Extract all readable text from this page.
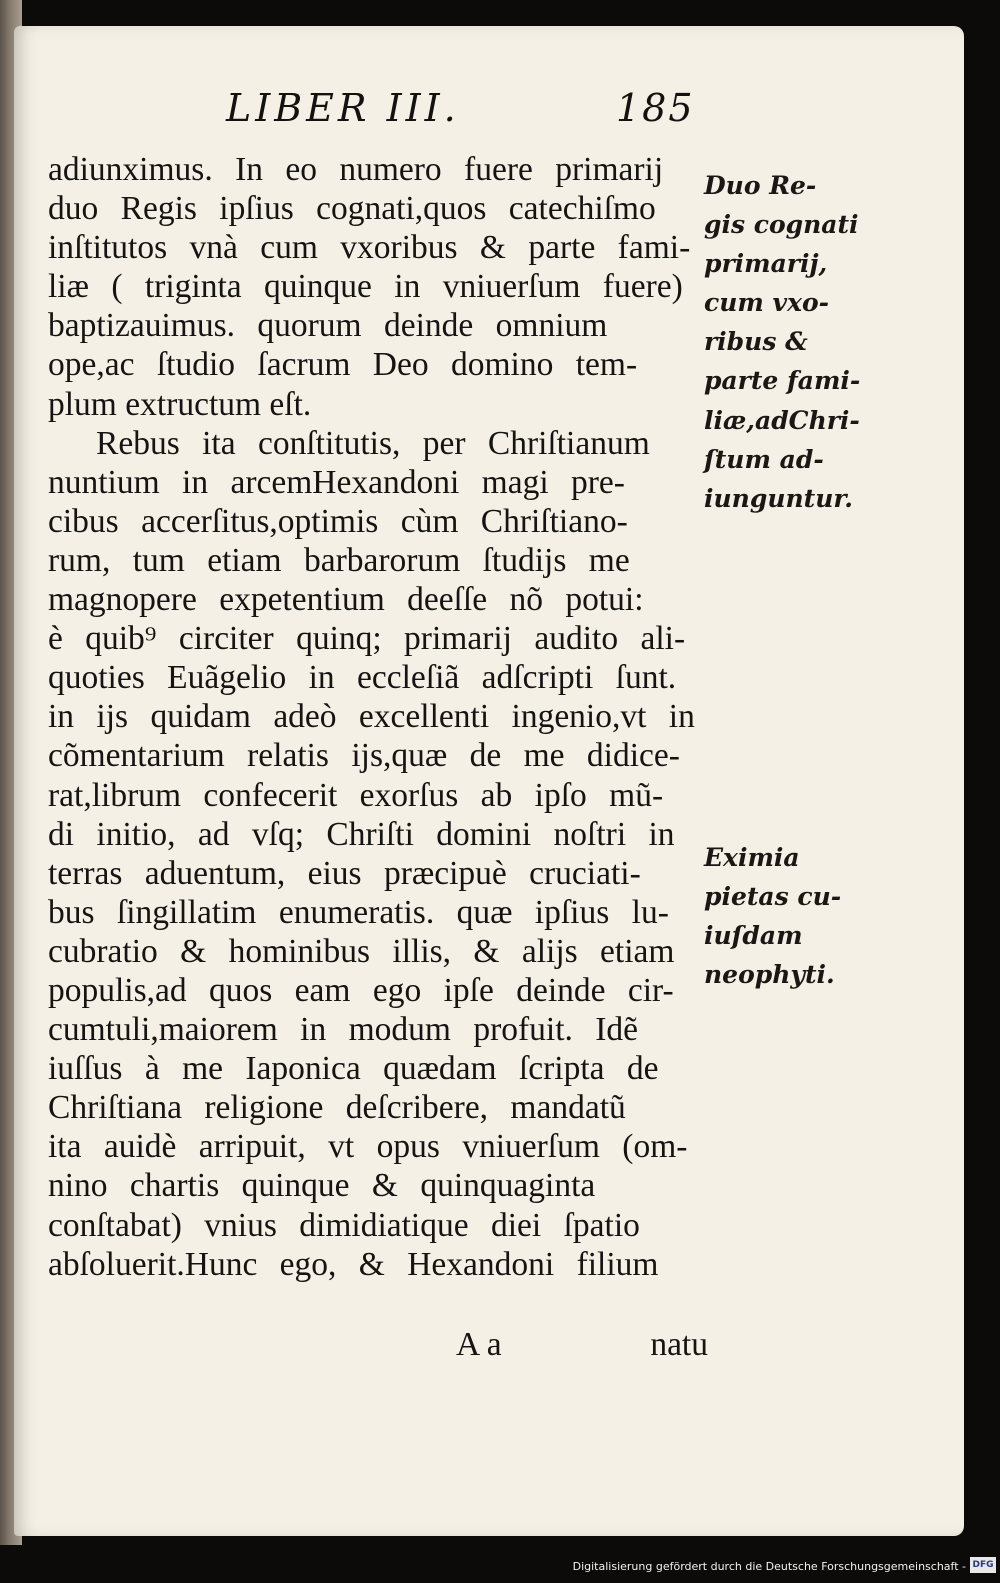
LIBER III.	185
adiunximus. In eo numero fuere primarij
duo Regis ipſius cognati,quos catechiſmo
inſtitutos vnà cum vxoribus & parte fami-
liæ ( triginta quinque in vniuerſum fuere)
baptizauimus. quorum deinde omnium
ope,ac ſtudio ſacrum Deo domino tem-
plum extructum eſt.
Rebus ita conſtitutis, per Chriſtianum
nuntium in arcemHexandoni magi pre-
cibus accerſitus,optimis cùm Chriſtiano-
rum, tum etiam barbarorum ſtudijs me
magnopere expetentium deeſſe nõ potui:
è quib⁹ circiter quinq; primarij audito ali-
quoties Euãgelio in eccleſiã adſcripti ſunt.
in ijs quidam adeò excellenti ingenio,vt in
cõmentarium relatis ijs,quæ de me didice-
rat,librum confecerit exorſus ab ipſo mũ-
di initio, ad vſq; Chriſti domini noſtri in
terras aduentum, eius præcipuè cruciati-
bus ſingillatim enumeratis. quæ ipſius lu-
cubratio & hominibus illis, & alijs etiam
populis,ad quos eam ego ipſe deinde cir-
cumtuli,maiorem in modum profuit. Idẽ
iuſſus à me Iaponica quædam ſcripta de
Chriſtiana religione deſcribere, mandatũ
ita auidè arripuit, vt opus vniuerſum (om-
nino chartis quinque & quinquaginta
conſtabat) vnius dimidiatique diei ſpatio
abſoluerit.Hunc ego, & Hexandoni filium
Duo Re-
gis cognati
primarij,
cum vxo-
ribus &
parte fami-
liæ,adChri-
ſtum ad-
iunguntur.
Eximia
pietas cu-
iuſdam
neophyti.
A a	natu
Digitalisierung gefördert durch die Deutsche Forschungsgemeinschaft - DFG
